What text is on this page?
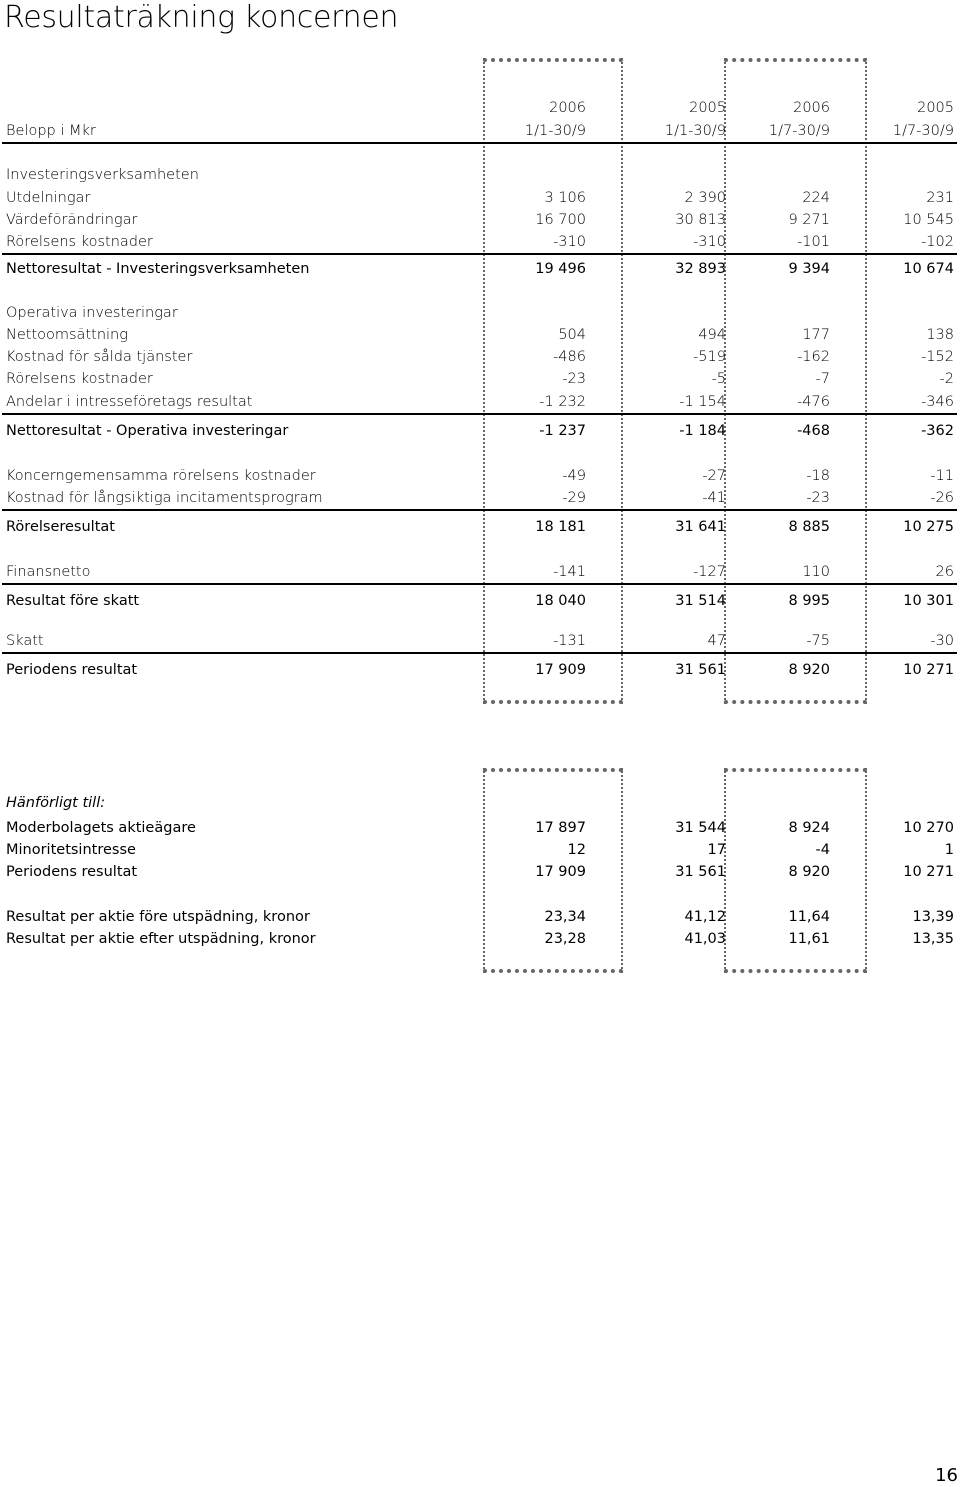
Resultaträkning koncernen
2006	2005	2006	2005
Belopp i Mkr	1/1-30/9	1/1-30/9	1/7-30/9	1/7-30/9
Investeringsverksamheten
Utdelningar	3 106	2 390	224	231
Värdeförändringar	16 700	30 813	9 271	10 545
Rörelsens kostnader	-310	-310	-101	-102
Nettoresultat - Investeringsverksamheten	19 496	32 893	9 394	10 674
Operativa investeringar
Nettoomsättning	504	494	177	138
Kostnad för sålda tjänster	-486	-519	-162	-152
Rörelsens kostnader	-23	-5	-7	-2
Andelar i intresseföretags resultat	-1 232	-1 154	-476	-346
Nettoresultat - Operativa investeringar	-1 237	-1 184	-468	-362
Koncerngemensamma rörelsens kostnader	-49	-27	-18	-11
Kostnad för långsiktiga incitamentsprogram	-29	-41	-23	-26
Rörelseresultat	18 181	31 641	8 885	10 275
Finansnetto	-141	-127	110	26
Resultat före skatt	18 040	31 514	8 995	10 301
Skatt	-131	47	-75	-30
Periodens resultat	17 909	31 561	8 920	10 271
Hänförligt till:
Moderbolagets aktieägare	17 897	31 544	8 924	10 270
Minoritetsintresse	12	17	-4	1
Periodens resultat	17 909	31 561	8 920	10 271
Resultat per aktie före utspädning, kronor	23,34	41,12	11,64	13,39
Resultat per aktie efter utspädning, kronor	23,28	41,03	11,61	13,35
16
